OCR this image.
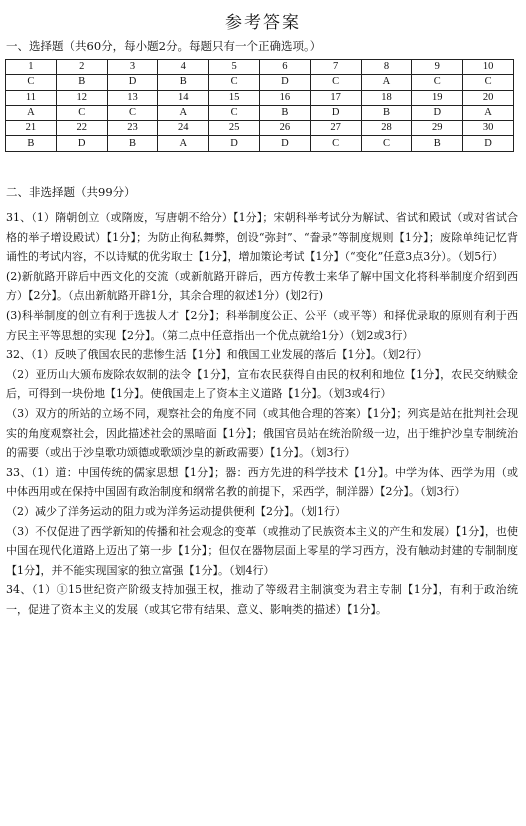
参考答案
一、选择题（共60分，每小题2分。每题只有一个正确选项。）
1	2	3	4	5	6	7	8	9	10
C	B	D	B	C	D	C	A	C	C
11	12	13	14	15	16	17	18	19	20
A	C	C	A	C	B	D	B	D	A
21	22	23	24	25	26	27	28	29	30
B	D	B	A	D	D	C	C	B	D
二、非选择题（共99分）

31、（1）隋朝创立（或隋废，写唐朝不给分）【1分】；宋朝科举考试分为解试、省试和殿试（或对省试合格的举子增设殿试）【1分】；为防止徇私舞弊，创设“弥封”、“誊录”等制度规则【1分】；废除单纯记忆背诵性的考试内容，不以诗赋的优劣取士【1分】，增加策论考试【1分】（“变化”任意3点3分）。（划5行）

(2)新航路开辟后中西文化的交流（或新航路开辟后，西方传教士来华了解中国文化将科举制度介绍到西方）【2分】。（点出新航路开辟1分，其余合理的叙述1分）(划2行)

(3)科举制度的创立有利于选拔人才【2分】；科举制度公正、公平（或平等）和择优录取的原则有利于西方民主平等思想的实现【2分】。（第二点中任意指出一个优点就给1分）（划2或3行）

32、（1）反映了俄国农民的悲惨生活【1分】和俄国工业发展的落后【1分】。（划2行）

（2）亚历山大颁布废除农奴制的法令【1分】，宣布农民获得自由民的权利和地位【1分】，农民交纳赎金后，可得到一块份地【1分】。使俄国走上了资本主义道路【1分】。（划3或4行）

（3）双方的所站的立场不同，观察社会的角度不同（或其他合理的答案）【1分】；列宾是站在批判社会现实的角度观察社会，因此描述社会的黑暗面【1分】；俄国官员站在统治阶级一边，出于维护沙皇专制统治的需要（或出于沙皇歌功颂德或歌颂沙皇的新政需要）【1分】。（划3行）

33、（1）道：中国传统的儒家思想【1分】；器：西方先进的科学技术【1分】。中学为体、西学为用（或中体西用或在保持中国固有政治制度和纲常名教的前提下，采西学，制洋器）【2分】。（划3行）

（2）减少了洋务运动的阻力或为洋务运动提供便利【2分】。（划1行）

（3）不仅促进了西学新知的传播和社会观念的变革（或推动了民族资本主义的产生和发展）【1分】，也使中国在现代化道路上迈出了第一步【1分】；但仅在器物层面上零星的学习西方，没有触动封建的专制制度【1分】，并不能实现国家的独立富强【1分】。（划4行）

34、（1）①15世纪资产阶级支持加强王权，推动了等级君主制演变为君主专制【1分】，有利于政治统一，促进了资本主义的发展（或其它带有结果、意义、影响类的描述）【1分】。
